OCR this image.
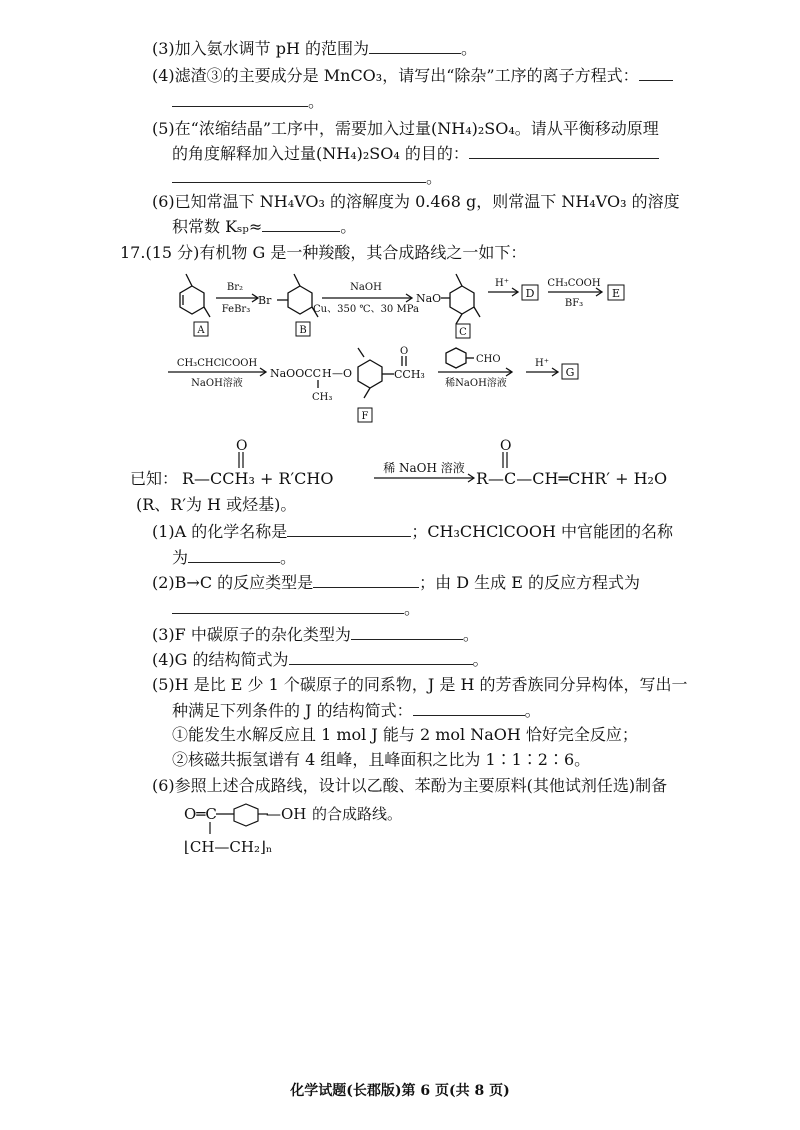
(3)加入氨水调节 pH 的范围为	。
(4)滤渣③的主要成分是 MnCO₃，请写出“除杂”工序的离子方程式：
。
(5)在“浓缩结晶”工序中，需要加入过量(NH₄)₂SO₄。请从平衡移动原理
的角度解释加入过量(NH₄)₂SO₄ 的目的：
。
(6)已知常温下 NH₄VO₃ 的溶解度为 0.468 g，则常温下 NH₄VO₃ 的溶度
积常数 Kₛₚ≈	。
17.(15 分)有机物 G 是一种羧酸，其合成路线之一如下：
Br₂
FeBr₃
Br
NaOH
Cu、350 ℃、30 MPa
NaO
H⁺	CH₃COOH
BF₃
A	B	C
D	E
CH₃CHClCOOH
NaOH溶液
NaOOCC H —O
CH₃
O
CCH₃
CHO
稀NaOH溶液
H⁺
F
G
已知：
O
R—CCH₃ + R′CHO
稀 NaOH 溶液
O
R—C—CH═CHR′ + H₂O
(R、R′为 H 或烃基)。
(1)A 的化学名称是	；CH₃CHClCOOH 中官能团的名称
为	。
(2)B→C 的反应类型是	；由 D 生成 E 的反应方程式为
。
(3)F 中碳原子的杂化类型为	。
(4)G 的结构简式为	。
(5)H 是比 E 少 1 个碳原子的同系物，J 是 H 的芳香族同分异构体，写出一
种满足下列条件的 J 的结构简式：	。
①能发生水解反应且 1 mol J 能与 2 mol NaOH 恰好完全反应；
②核磁共振氢谱有 4 组峰，且峰面积之比为 1∶1∶2∶6。
(6)参照上述合成路线，设计以乙酸、苯酚为主要原料(其他试剂任选)制备
O═C	—OH 的合成路线。
⌊CH—CH₂⌋ₙ
化学试题(长郡版)第 6 页(共 8 页)
